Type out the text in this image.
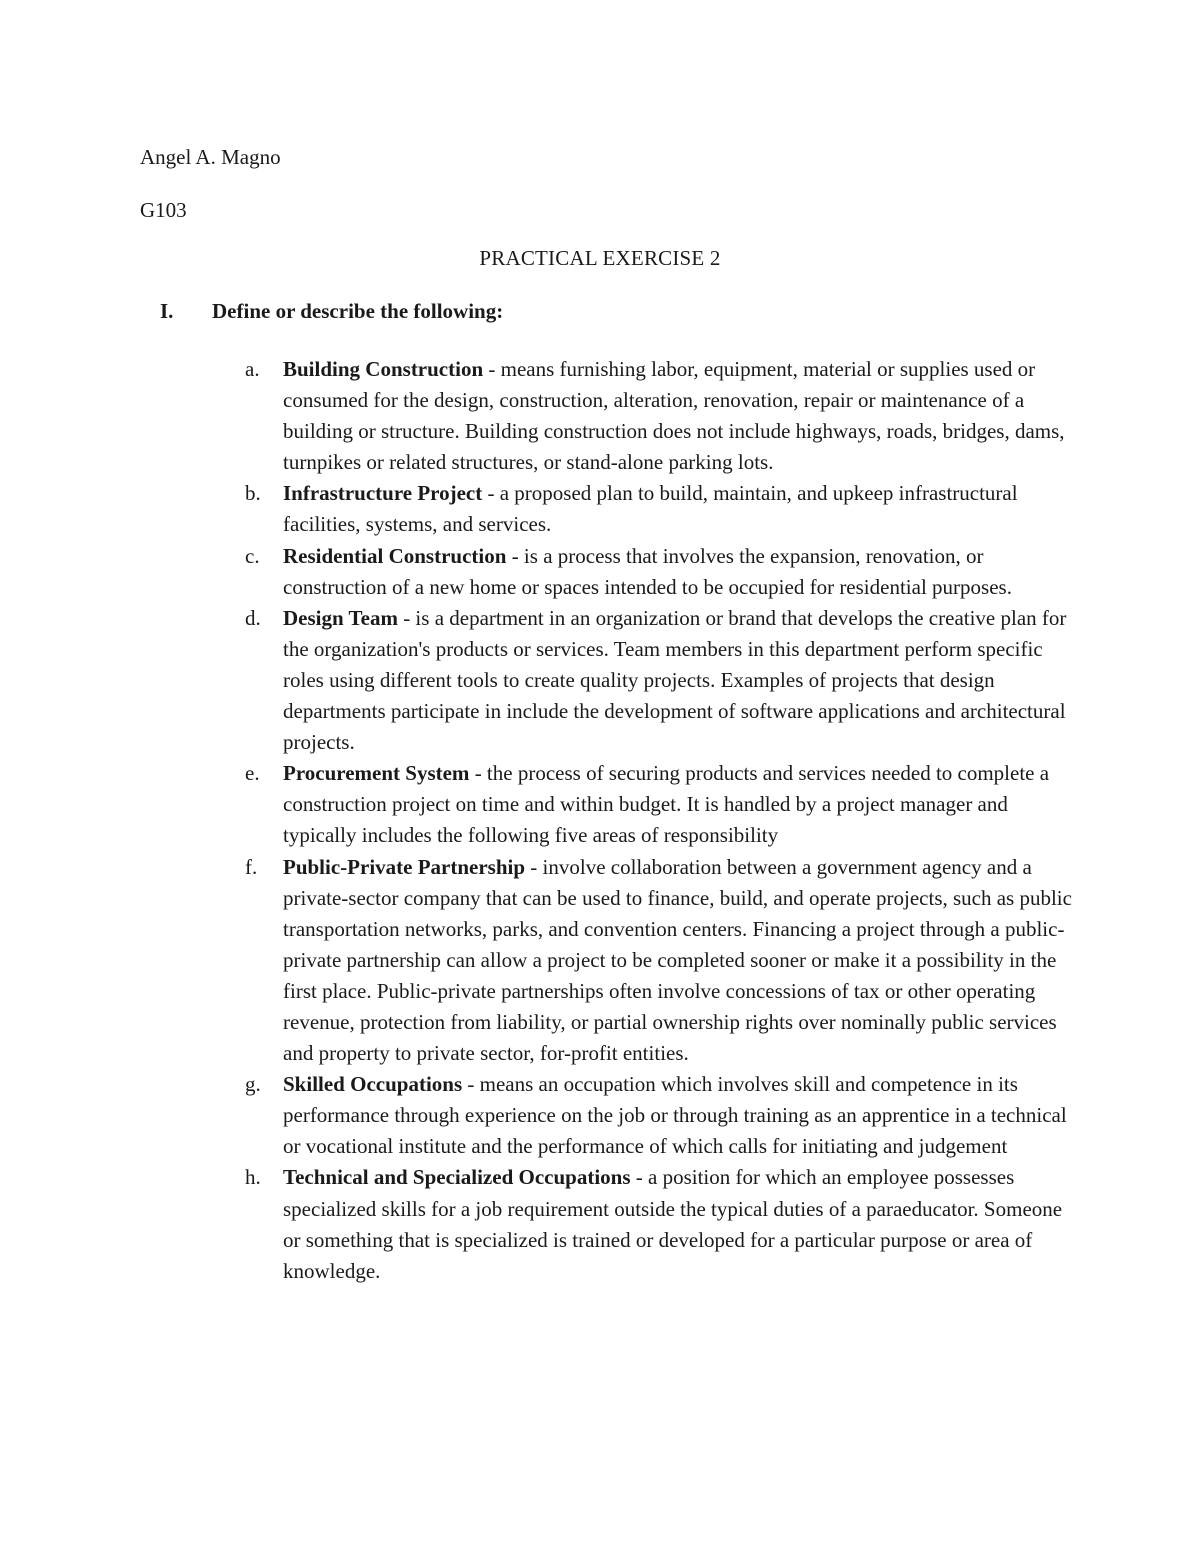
Angel A. Magno
G103
PRACTICAL EXERCISE 2
I. Define or describe the following:
a. Building Construction - means furnishing labor, equipment, material or supplies used or consumed for the design, construction, alteration, renovation, repair or maintenance of a building or structure. Building construction does not include highways, roads, bridges, dams, turnpikes or related structures, or stand-alone parking lots.
b. Infrastructure Project - a proposed plan to build, maintain, and upkeep infrastructural facilities, systems, and services.
c. Residential Construction - is a process that involves the expansion, renovation, or construction of a new home or spaces intended to be occupied for residential purposes.
d. Design Team - is a department in an organization or brand that develops the creative plan for the organization's products or services. Team members in this department perform specific roles using different tools to create quality projects. Examples of projects that design departments participate in include the development of software applications and architectural projects.
e. Procurement System - the process of securing products and services needed to complete a construction project on time and within budget. It is handled by a project manager and typically includes the following five areas of responsibility
f. Public-Private Partnership - involve collaboration between a government agency and a private-sector company that can be used to finance, build, and operate projects, such as public transportation networks, parks, and convention centers. Financing a project through a public-private partnership can allow a project to be completed sooner or make it a possibility in the first place. Public-private partnerships often involve concessions of tax or other operating revenue, protection from liability, or partial ownership rights over nominally public services and property to private sector, for-profit entities.
g. Skilled Occupations - means an occupation which involves skill and competence in its performance through experience on the job or through training as an apprentice in a technical or vocational institute and the performance of which calls for initiating and judgement
h. Technical and Specialized Occupations - a position for which an employee possesses specialized skills for a job requirement outside the typical duties of a paraeducator. Someone or something that is specialized is trained or developed for a particular purpose or area of knowledge.
